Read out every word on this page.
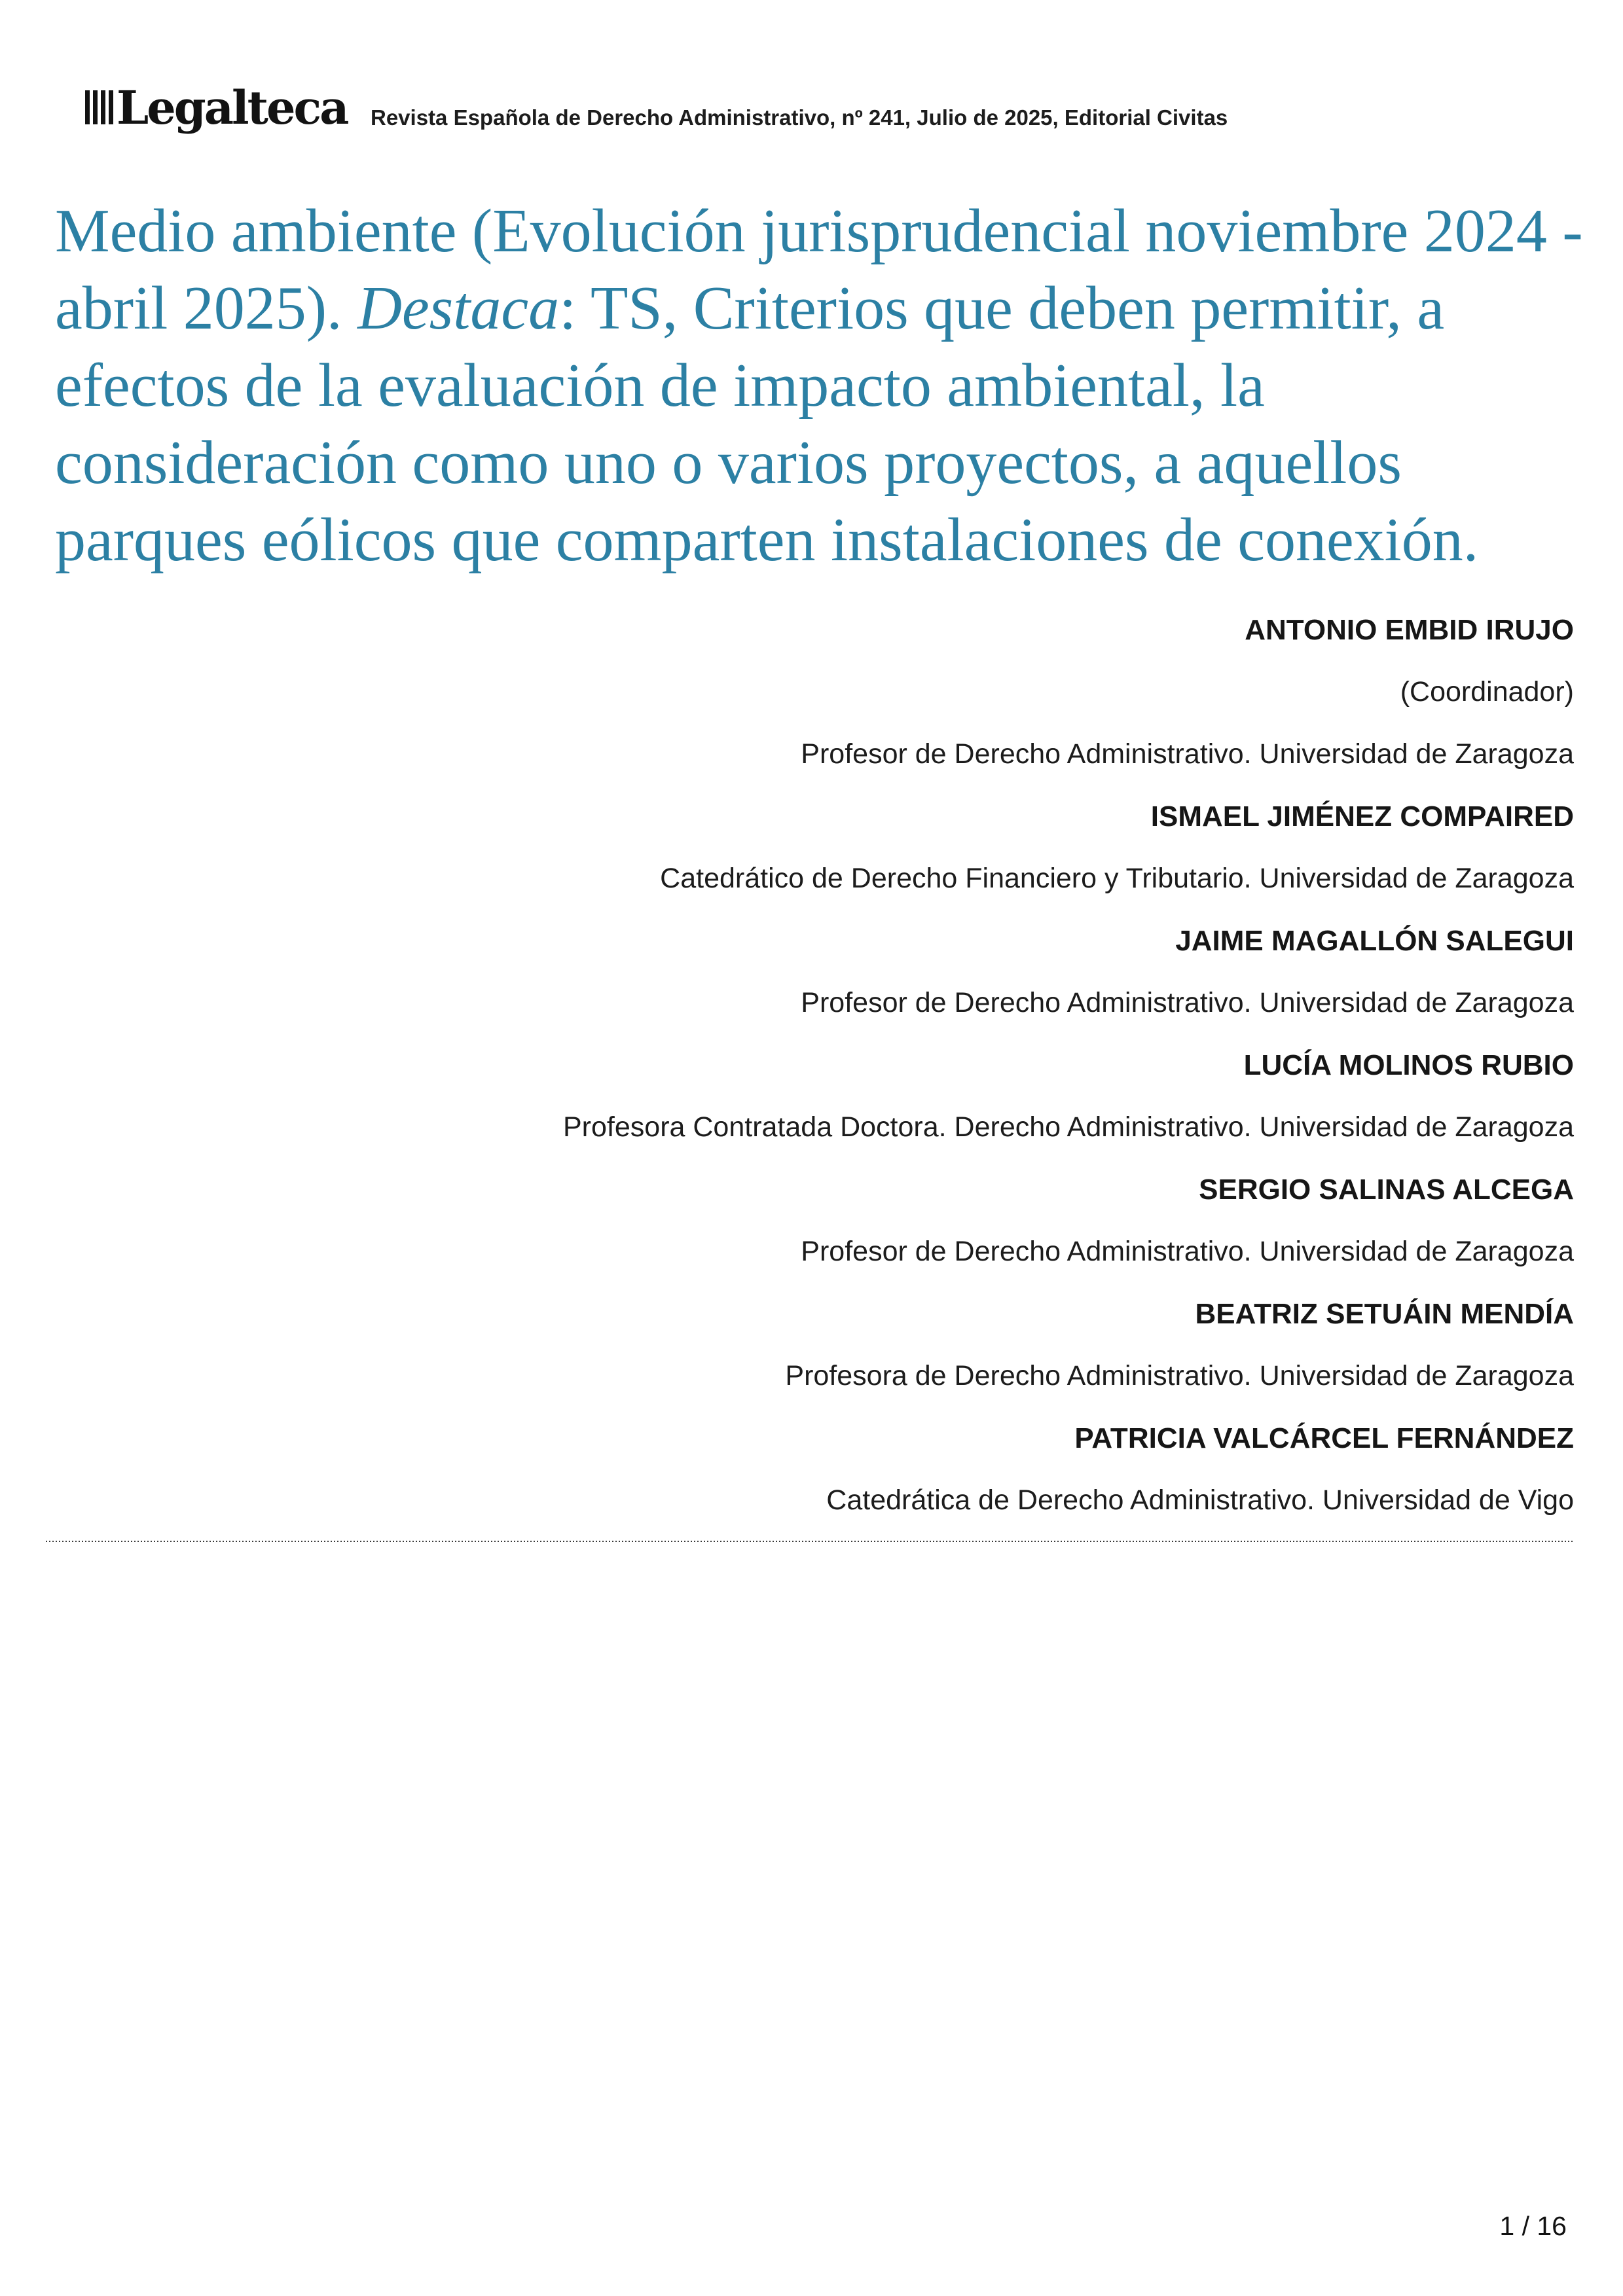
Legalteca Revista Española de Derecho Administrativo, nº 241, Julio de 2025, Editorial Civitas
Medio ambiente (Evolución jurisprudencial noviembre 2024 - abril 2025). Destaca: TS, Criterios que deben permitir, a efectos de la evaluación de impacto ambiental, la consideración como uno o varios proyectos, a aquellos parques eólicos que comparten instalaciones de conexión.
ANTONIO EMBID IRUJO
(Coordinador)
Profesor de Derecho Administrativo. Universidad de Zaragoza
ISMAEL JIMÉNEZ COMPAIRED
Catedrático de Derecho Financiero y Tributario. Universidad de Zaragoza
JAIME MAGALLÓN SALEGUI
Profesor de Derecho Administrativo. Universidad de Zaragoza
LUCÍA MOLINOS RUBIO
Profesora Contratada Doctora. Derecho Administrativo. Universidad de Zaragoza
SERGIO SALINAS ALCEGA
Profesor de Derecho Administrativo. Universidad de Zaragoza
BEATRIZ SETUÁIN MENDÍA
Profesora de Derecho Administrativo. Universidad de Zaragoza
PATRICIA VALCÁRCEL FERNÁNDEZ
Catedrática de Derecho Administrativo. Universidad de Vigo
1 / 16
